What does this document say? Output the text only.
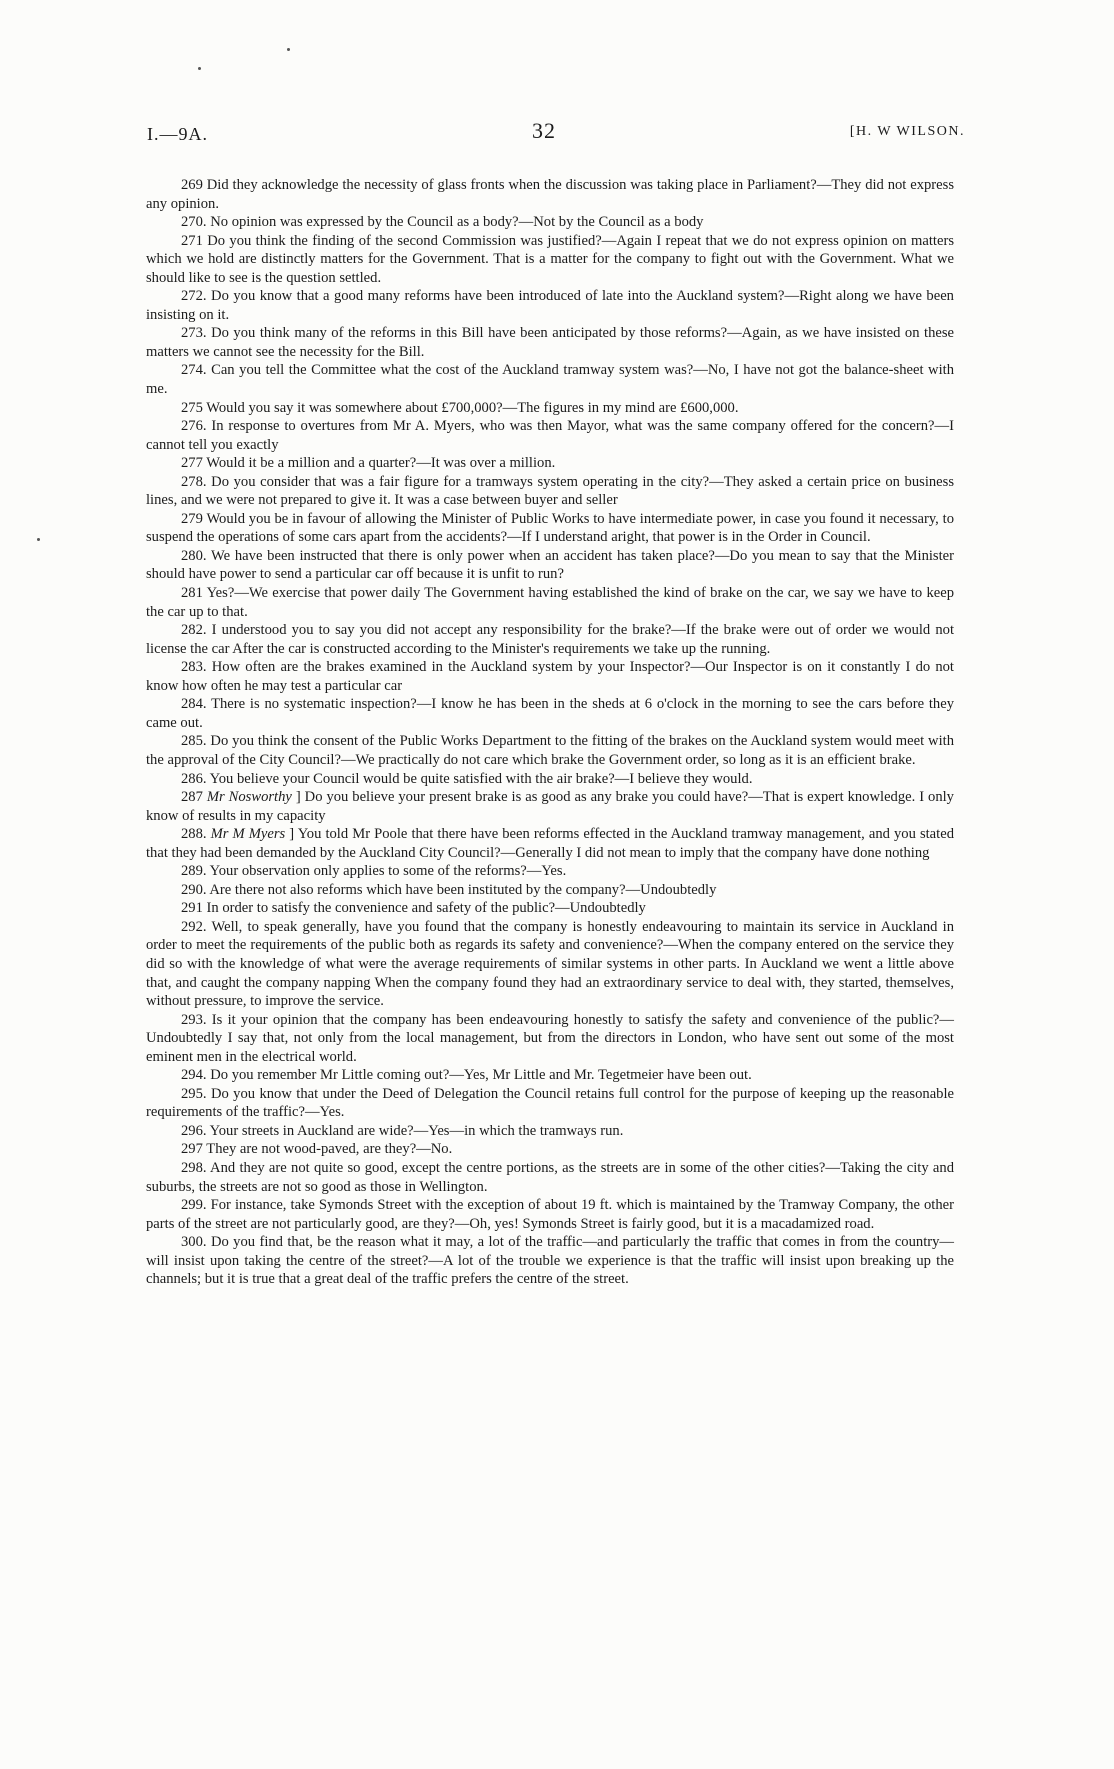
I.—9A.	32	[H. W WILSON.

269 Did they acknowledge the necessity of glass fronts when the discussion was taking place in Parliament?—They did not express any opinion.

270. No opinion was expressed by the Council as a body?—Not by the Council as a body

271 Do you think the finding of the second Commission was justified?—Again I repeat that we do not express opinion on matters which we hold are distinctly matters for the Government. That is a matter for the company to fight out with the Government. What we should like to see is the question settled.

272. Do you know that a good many reforms have been introduced of late into the Auckland system?—Right along we have been insisting on it.

273. Do you think many of the reforms in this Bill have been anticipated by those reforms?—Again, as we have insisted on these matters we cannot see the necessity for the Bill.

274. Can you tell the Committee what the cost of the Auckland tramway system was?—No, I have not got the balance-sheet with me.

275 Would you say it was somewhere about £700,000?—The figures in my mind are £600,000.

276. In response to overtures from Mr A. Myers, who was then Mayor, what was the same company offered for the concern?—I cannot tell you exactly

277 Would it be a million and a quarter?—It was over a million.

278. Do you consider that was a fair figure for a tramways system operating in the city?—They asked a certain price on business lines, and we were not prepared to give it. It was a case between buyer and seller

279 Would you be in favour of allowing the Minister of Public Works to have intermediate power, in case you found it necessary, to suspend the operations of some cars apart from the accidents?—If I understand aright, that power is in the Order in Council.

280. We have been instructed that there is only power when an accident has taken place?—Do you mean to say that the Minister should have power to send a particular car off because it is unfit to run?

281 Yes?—We exercise that power daily The Government having established the kind of brake on the car, we say we have to keep the car up to that.

282. I understood you to say you did not accept any responsibility for the brake?—If the brake were out of order we would not license the car After the car is constructed according to the Minister's requirements we take up the running.

283. How often are the brakes examined in the Auckland system by your Inspector?—Our Inspector is on it constantly I do not know how often he may test a particular car

284. There is no systematic inspection?—I know he has been in the sheds at 6 o'clock in the morning to see the cars before they came out.

285. Do you think the consent of the Public Works Department to the fitting of the brakes on the Auckland system would meet with the approval of the City Council?—We practically do not care which brake the Government order, so long as it is an efficient brake.

286. You believe your Council would be quite satisfied with the air brake?—I believe they would.

287 Mr Nosworthy ] Do you believe your present brake is as good as any brake you could have?—That is expert knowledge. I only know of results in my capacity

288. Mr M Myers ] You told Mr Poole that there have been reforms effected in the Auckland tramway management, and you stated that they had been demanded by the Auckland City Council?—Generally I did not mean to imply that the company have done nothing

289. Your observation only applies to some of the reforms?—Yes.

290. Are there not also reforms which have been instituted by the company?—Undoubtedly

291 In order to satisfy the convenience and safety of the public?—Undoubtedly

292. Well, to speak generally, have you found that the company is honestly endeavouring to maintain its service in Auckland in order to meet the requirements of the public both as regards its safety and convenience?—When the company entered on the service they did so with the knowledge of what were the average requirements of similar systems in other parts. In Auckland we went a little above that, and caught the company napping When the company found they had an extraordinary service to deal with, they started, themselves, without pressure, to improve the service.

293. Is it your opinion that the company has been endeavouring honestly to satisfy the safety and convenience of the public?—Undoubtedly I say that, not only from the local management, but from the directors in London, who have sent out some of the most eminent men in the electrical world.

294. Do you remember Mr Little coming out?—Yes, Mr Little and Mr. Tegetmeier have been out.

295. Do you know that under the Deed of Delegation the Council retains full control for the purpose of keeping up the reasonable requirements of the traffic?—Yes.

296. Your streets in Auckland are wide?—Yes—in which the tramways run.

297 They are not wood-paved, are they?—No.

298. And they are not quite so good, except the centre portions, as the streets are in some of the other cities?—Taking the city and suburbs, the streets are not so good as those in Wellington.

299. For instance, take Symonds Street with the exception of about 19 ft. which is maintained by the Tramway Company, the other parts of the street are not particularly good, are they?—Oh, yes! Symonds Street is fairly good, but it is a macadamized road.

300. Do you find that, be the reason what it may, a lot of the traffic—and particularly the traffic that comes in from the country—will insist upon taking the centre of the street?—A lot of the trouble we experience is that the traffic will insist upon breaking up the channels; but it is true that a great deal of the traffic prefers the centre of the street.
